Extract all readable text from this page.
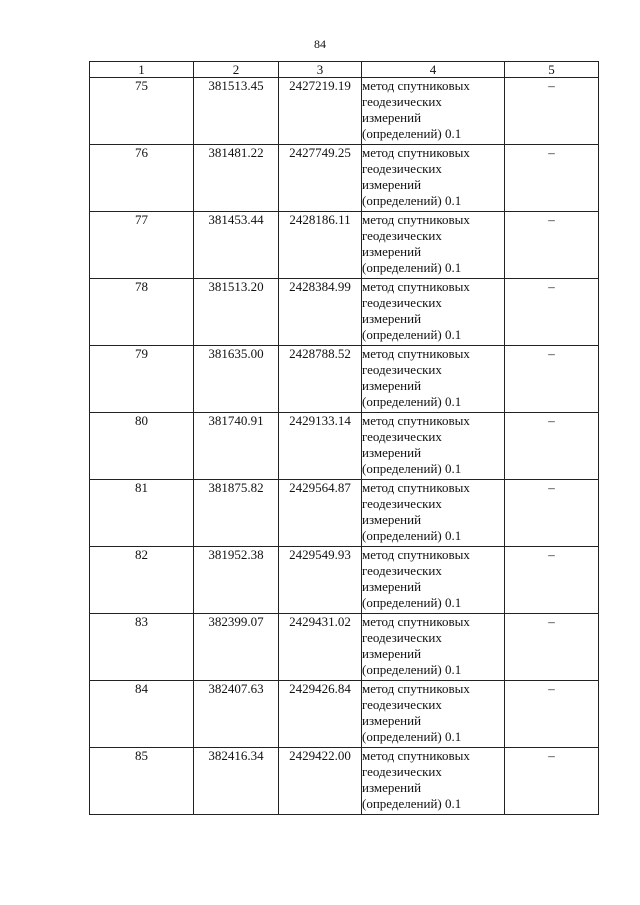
84
1	2	3	4	5
75	381513.45	2427219.19	метод спутниковых геодезических измерений (определений) 0.1	–
76	381481.22	2427749.25	метод спутниковых геодезических измерений (определений) 0.1	–
77	381453.44	2428186.11	метод спутниковых геодезических измерений (определений) 0.1	–
78	381513.20	2428384.99	метод спутниковых геодезических измерений (определений) 0.1	–
79	381635.00	2428788.52	метод спутниковых геодезических измерений (определений) 0.1	–
80	381740.91	2429133.14	метод спутниковых геодезических измерений (определений) 0.1	–
81	381875.82	2429564.87	метод спутниковых геодезических измерений (определений) 0.1	–
82	381952.38	2429549.93	метод спутниковых геодезических измерений (определений) 0.1	–
83	382399.07	2429431.02	метод спутниковых геодезических измерений (определений) 0.1	–
84	382407.63	2429426.84	метод спутниковых геодезических измерений (определений) 0.1	–
85	382416.34	2429422.00	метод спутниковых геодезических измерений (определений) 0.1	–
